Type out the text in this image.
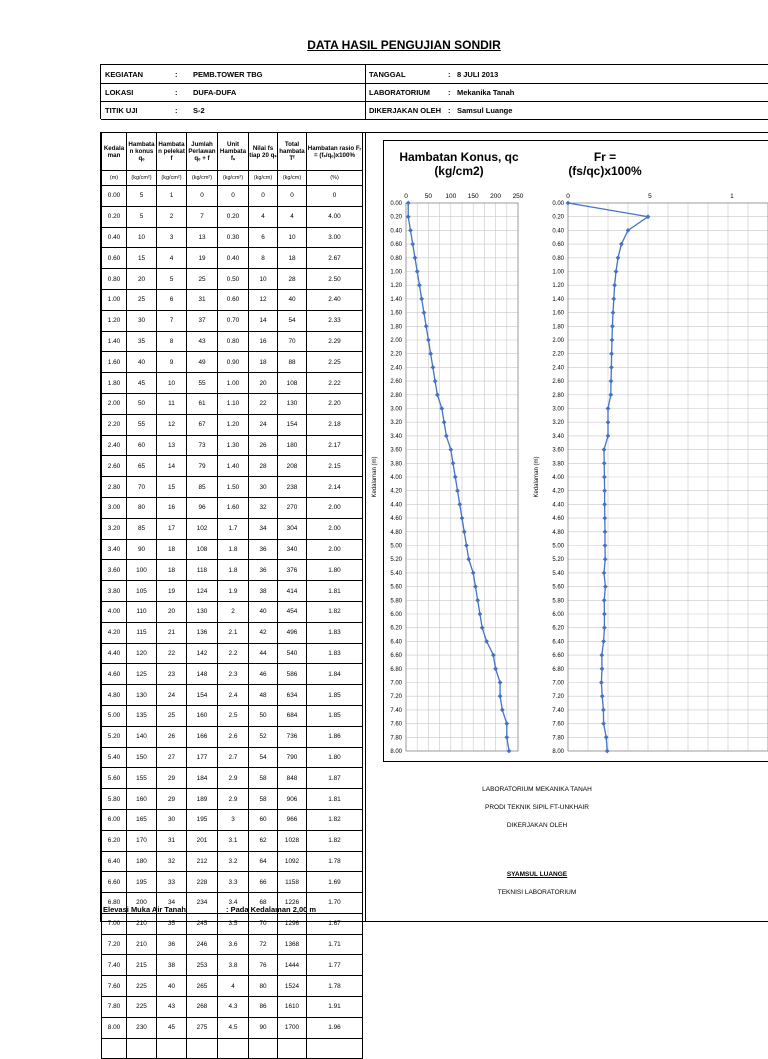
DATA HASIL PENGUJIAN SONDIR
KEGIATAN	: PEMB.TOWER TBG
LOKASI	: DUFA-DUFA
TITIK UJI	: S-2
TANGGAL	: 8 JULI 2013
LABORATORIUM : Mekanika Tanah
DIKERJAKAN OLEH : Samsul Luange
Kedala man	Hambata n konus qₑ	Hambata n pelekat f	Jumlah Perlawan qₑ + f	Unit Hambata fₛ	Nilai fs tiap 20 qₛ	Total hambata Tᶠ	Hambatan rasio Fᵣ = (fₛ/qₑ)x100%
(m)	(kg/cm²)	(kg/cm²)	(kg/cm²)	(kg/cm²)	(kg/cm)	(kg/cm)	(%)
0.00	5	1	0	0	0	0	0
0.20	5	2	7	0.20	4	4	4.00
0.40	10	3	13	0.30	6	10	3.00
0.60	15	4	19	0.40	8	18	2.67
0.80	20	5	25	0.50	10	28	2.50
1.00	25	6	31	0.60	12	40	2.40
1.20	30	7	37	0.70	14	54	2.33
1.40	35	8	43	0.80	16	70	2.29
1.60	40	9	49	0.90	18	88	2.25
1.80	45	10	55	1.00	20	108	2.22
2.00	50	11	61	1.10	22	130	2.20
2.20	55	12	67	1.20	24	154	2.18
2.40	60	13	73	1.30	26	180	2.17
2.60	65	14	79	1.40	28	208	2.15
2.80	70	15	85	1.50	30	238	2.14
3.00	80	16	96	1.60	32	270	2.00
3.20	85	17	102	1.7	34	304	2.00
3.40	90	18	108	1.8	36	340	2.00
3.60	100	18	118	1.8	36	376	1.80
3.80	105	19	124	1.9	38	414	1.81
4.00	110	20	130	2	40	454	1.82
4.20	115	21	136	2.1	42	496	1.83
4.40	120	22	142	2.2	44	540	1.83
4.60	125	23	148	2.3	46	586	1.84
4.80	130	24	154	2.4	48	634	1.85
5.00	135	25	160	2.5	50	684	1.85
5.20	140	26	166	2.6	52	736	1.86
5.40	150	27	177	2.7	54	790	1.80
5.60	155	29	184	2.9	58	848	1.87
5.80	160	29	189	2.9	58	906	1.81
6.00	165	30	195	3	60	966	1.82
6.20	170	31	201	3.1	62	1028	1.82
6.40	180	32	212	3.2	64	1092	1.78
6.60	195	33	228	3.3	66	1158	1.69
6.80	200	34	234	3.4	68	1226	1.70
7.00	210	35	245	3.5	70	1296	1.67
7.20	210	36	246	3.6	72	1368	1.71
7.40	215	38	253	3.8	76	1444	1.77
7.60	225	40	265	4	80	1524	1.78
7.80	225	43	268	4.3	86	1610	1.91
8.00	230	45	275	4.5	90	1700	1.96

Elevasi Muka Air Tanah	: Pada Kedalaman 2,00 m
Hambatan Konus, qc
(kg/cm2)
Fr =
(fs/qc)x100%
0.00
0.20
0.40
0.60
0.80
1.00
1.20
1.40
1.60
1.80
2.00
2.20
2.40
2.60
2.80
3.00
3.20
3.40
3.60
3.80
4.00
4.20
4.40
4.60
4.80
5.00
5.20
5.40
5.60
5.80
6.00
6.20
6.40
6.60
6.80
7.00
7.20
7.40
7.60
7.80
8.00
0	50 100 150 200 250
Kedalaman (m)
0.00
0.20
0.40
0.60
0.80
1.00
1.20
1.40
1.60
1.80
2.00
2.20
2.40
2.60
2.80
3.00
3.20
3.40
3.60
3.80
4.00
4.20
4.40
4.60
4.80
5.00
5.20
5.40
5.60
5.80
6.00
6.20
6.40
6.60
6.80
7.00
7.20
7.40
7.60
7.80
8.00
0	5	1
Kedalaman (m)
LABORATORIUM MEKANIKA TANAH
PRODI TEKNIK SIPIL FT-UNKHAIR
DIKERJAKAN OLEH
SYAMSUL LUANGE
TEKNISI LABORATORIUM
